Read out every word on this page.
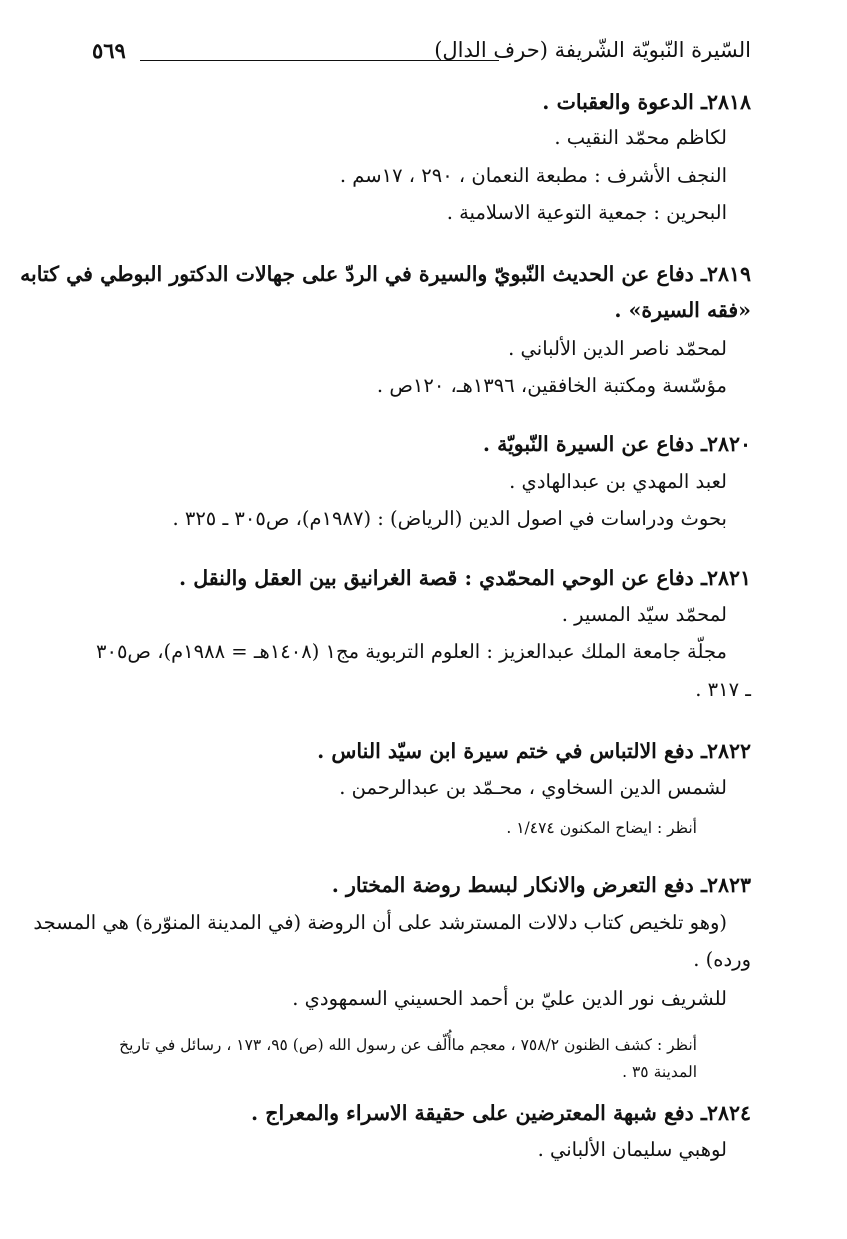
السّيرة النّبويّة الشّريفة (حرف الدال)
٥٦٩
٢٨١٨ـ الدعوة والعقبات .
لكاظم محمّد النقيب .
النجف الأشرف : مطبعة النعمان ، ٢٩٠ ، ١٧سم .
البحرين : جمعية التوعية الاسلامية .
٢٨١٩ـ دفاع عن الحديث النّبويّ والسيرة في الردّ على جهالات الدكتور البوطي في كتابه
«فقه السيرة» .
لمحمّد ناصر الدين الألباني .
مؤسّسة ومكتبة الخافقين، ١٣٩٦هـ، ١٢٠ص .
٢٨٢٠ـ دفاع عن السيرة النّبويّة .
لعبد المهدي بن عبدالهادي .
بحوث ودراسات في اصول الدين (الرياض) : (١٩٨٧م)، ص٣٠٥ ـ ٣٢٥ .
٢٨٢١ـ دفاع عن الوحي المحمّدي : قصة الغرانيق بين العقل والنقل .
لمحمّد سيّد المسير .
مجلّة جامعة الملك عبدالعزيز : العلوم التربوية مج١ (١٤٠٨هـ = ١٩٨٨م)، ص٣٠٥
ـ ٣١٧ .
٢٨٢٢ـ دفع الالتباس في ختم سيرة ابن سيّد الناس .
لشمس الدين السخاوي ، محـمّد بن عبدالرحمن .
أنظر : ايضاح المكنون ١/٤٧٤ .
٢٨٢٣ـ دفع التعرض والانكار لبسط روضة المختار .
(وهو تلخيص كتاب دلالات المسترشد على أن الروضة (في المدينة المنوّرة) هي المسجد
ورده) .
للشريف نور الدين عليّ بن أحمد الحسيني السمهودي .
أنظر : كشف الظنون ٧٥٨/٢ ، معجم ماأُلّف عن رسول الله (ص) ٩٥، ١٧٣ ، رسائل في تاريخ
المدينة ٣٥ .
٢٨٢٤ـ دفع شبهة المعترضين على حقيقة الاسراء والمعراج .
لوهبي سليمان الألباني .
